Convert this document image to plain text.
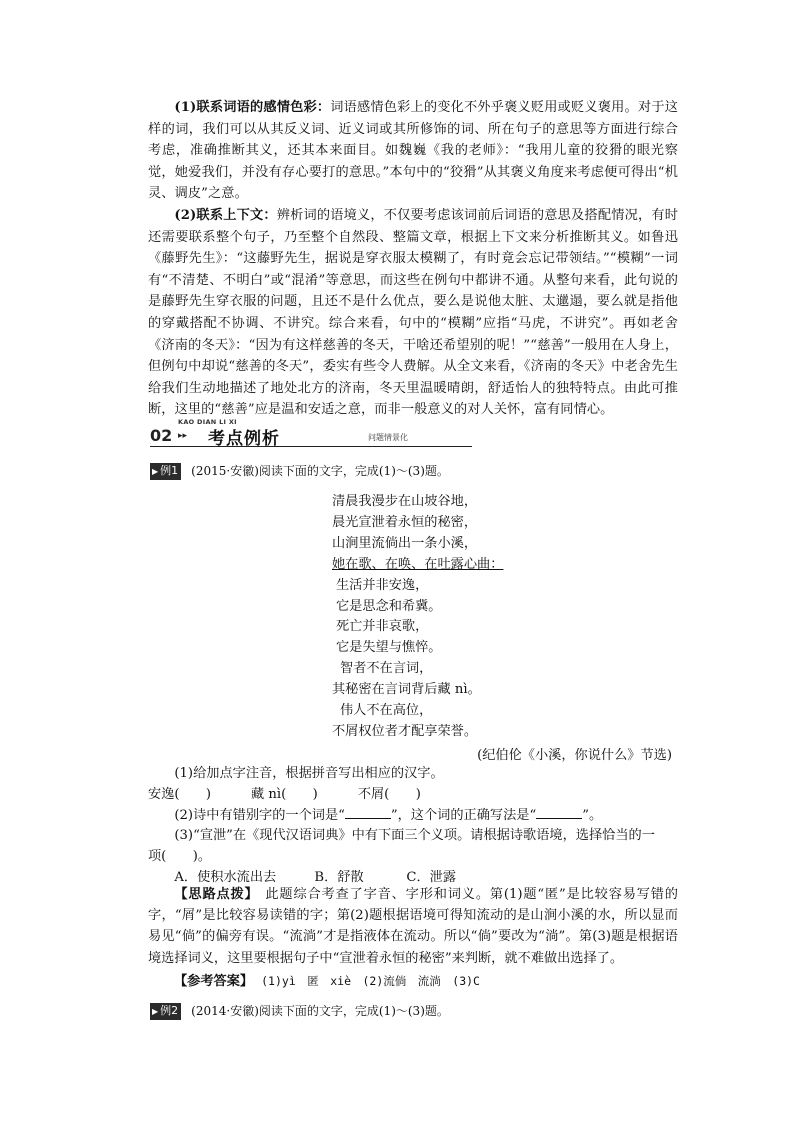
(1)联系词语的感情色彩：词语感情色彩上的变化不外乎褒义贬用或贬义褒用。对于这样的词，我们可以从其反义词、近义词或其所修饰的词、所在句子的意思等方面进行综合考虑，准确推断其义，还其本来面目。如魏巍《我的老师》：“我用儿童的狡猾的眼光察觉，她爱我们，并没有存心要打的意思。”本句中的“狡猾”从其褒义角度来考虑便可得出“机灵、调皮”之意。

(2)联系上下文：辨析词的语境义，不仅要考虑该词前后词语的意思及搭配情况，有时还需要联系整个句子，乃至整个自然段、整篇文章，根据上下文来分析推断其义。如鲁迅《藤野先生》：“这藤野先生，据说是穿衣服太模糊了，有时竟会忘记带领结。”“模糊”一词有“不清楚、不明白”或“混淆”等意思，而这些在例句中都讲不通。从整句来看，此句说的是藤野先生穿衣服的问题，且还不是什么优点，要么是说他太脏、太邋遢，要么就是指他的穿戴搭配不协调、不讲究。综合来看，句中的“模糊”应指“马虎，不讲究”。再如老舍《济南的冬天》：“因为有这样慈善的冬天，干啥还希望别的呢！”“慈善”一般用在人身上，但例句中却说“慈善的冬天”，委实有些令人费解。从全文来看，《济南的冬天》中老舍先生给我们生动地描述了地处北方的济南，冬天里温暖晴朗，舒适怡人的独特特点。由此可推断，这里的“慈善”应是温和安适之意，而非一般意义的对人关怀，富有同情心。

02
KAO DIAN LI XI
▸▸ 考点例析	问题情景化
▶ 例1 (2015·安徽)阅读下面的文字，完成(1)～(3)题。
清晨我漫步在山坡谷地，
晨光宣泄着永恒的秘密，
山涧里流倘出一条小溪，
她在歌、在唤、在吐露心曲：
生活并非安逸，
它是思念和希冀。
死亡并非哀歌，
它是失望与憔悴。
智者不在言词，
其秘密在言词背后藏 nì。
伟人不在高位，
不屑权位者才配享荣誉。
(纪伯伦《小溪，你说什么》节选)
(1)给加点字注音，根据拼音写出相应的汉字。
安逸(　　)	藏 nì(　　)	不屑(　　)
(2)诗中有错别字的一个词是“	”，这个词的正确写法是“	”。
(3)“宣泄”在《现代汉语词典》中有下面三个义项。请根据诗歌语境，选择恰当的一
项(　　)。
A．使积水流出去	B．舒散	C．泄露

【思路点拨】 此题综合考查了字音、字形和词义。第(1)题“匿”是比较容易写错的字，“屑”是比较容易读错的字；第(2)题根据语境可得知流动的是山涧小溪的水，所以显而易见“倘”的偏旁有误。“流淌”才是指液体在流动。所以“倘”要改为“淌”。第(3)题是根据语境选择词义，这里要根据句子中“宣泄着永恒的秘密”来判断，就不难做出选择了。

【参考答案】 (1)yì　匿　xiè　(2)流倘　流淌　(3)C
▶ 例2 (2014·安徽)阅读下面的文字，完成(1)～(3)题。
